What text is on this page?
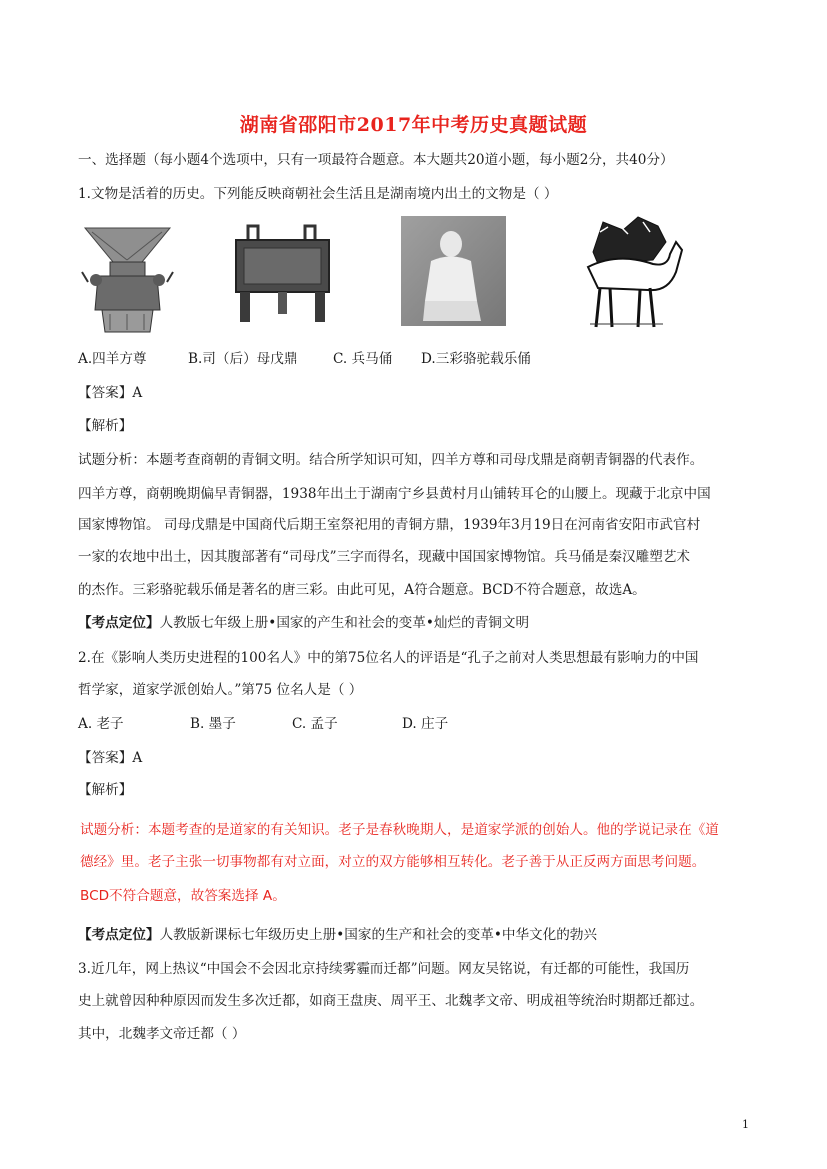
湖南省邵阳市2017年中考历史真题试题
一、选择题（每小题4个选项中，只有一项最符合题意。本大题共20道小题，每小题2分，共40分）
1.文物是活着的历史。下列能反映商朝社会生活且是湖南境内出土的文物是（ ）
A.四羊方尊	B.司（后）母戊鼎	C. 兵马俑 D.三彩骆驼载乐俑
【答案】A
【解析】
试题分析：本题考查商朝的青铜文明。结合所学知识可知，四羊方尊和司母戊鼎是商朝青铜器的代表作。
四羊方尊，商朝晚期偏早青铜器，1938年出土于湖南宁乡县黄村月山铺转耳仑的山腰上。现藏于北京中国
国家博物馆。 司母戊鼎是中国商代后期王室祭祀用的青铜方鼎，1939年3月19日在河南省安阳市武官村
一家的农地中出土，因其腹部著有“司母戊”三字而得名，现藏中国国家博物馆。兵马俑是秦汉雕塑艺术
的杰作。三彩骆驼载乐俑是著名的唐三彩。由此可见，A符合题意。BCD不符合题意，故选A。
【考点定位】人教版七年级上册•国家的产生和社会的变革•灿烂的青铜文明
2.在《影响人类历史进程的100名人》中的第75位名人的评语是“孔子之前对人类思想最有影响力的中国
哲学家，道家学派创始人。”第75 位名人是（ ）
A. 老子	B. 墨子	C. 孟子	D. 庄子
【答案】A
【解析】
试题分析：本题考查的是道家的有关知识。老子是春秋晚期人，是道家学派的创始人。他的学说记录在《道
德经》里。老子主张一切事物都有对立面，对立的双方能够相互转化。老子善于从正反两方面思考问题。
BCD不符合题意，故答案选择 A。
【考点定位】人教版新课标七年级历史上册•国家的生产和社会的变革•中华文化的勃兴
3.近几年，网上热议“中国会不会因北京持续雾霾而迁都”问题。网友吴铭说，有迁都的可能性，我国历
史上就曾因种种原因而发生多次迁都，如商王盘庚、周平王、北魏孝文帝、明成祖等统治时期都迁都过。
其中，北魏孝文帝迁都（ ）
1
